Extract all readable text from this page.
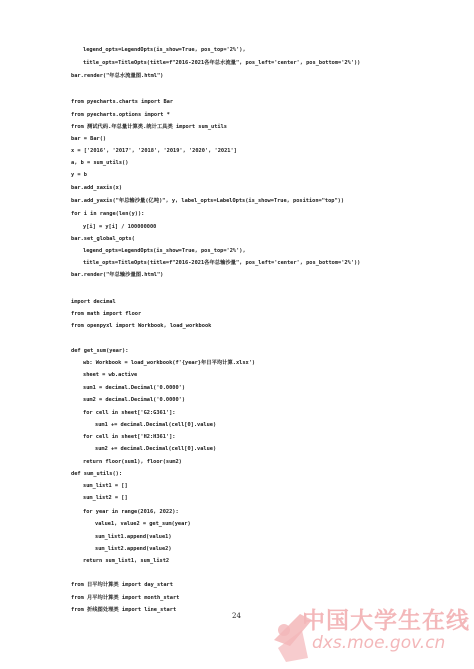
legend_opts=LegendOpts(is_show=True, pos_top='2%'),
title_opts=TitleOpts(title=f"2016-2021各年总水流量", pos_left='center', pos_bottom='2%'))
bar.render("年总水流量图.html")
from pyecharts.charts import Bar
from pyecharts.options import *
from 测试代码.年总量计算类.统计工具类 import sum_utils
bar = Bar()
x = ['2016', '2017', '2018', '2019', '2020', '2021']
a, b = sum_utils()
y = b
bar.add_xaxis(x)
bar.add_yaxis("年总输沙量(亿吨)", y, label_opts=LabelOpts(is_show=True, position="top"))
for i in range(len(y)):
y[i] = y[i] / 100000000
bar.set_global_opts(
legend_opts=LegendOpts(is_show=True, pos_top='2%'),
title_opts=TitleOpts(title=f"2016-2021各年总输沙量", pos_left='center', pos_bottom='2%'))
bar.render("年总输沙量图.html")
import decimal
from math import floor
from openpyxl import Workbook, load_workbook
def get_sum(year):
wb: Workbook = load_workbook(f'{year}年日平均计算.xlsx')
sheet = wb.active
sum1 = decimal.Decimal('0.0000')
sum2 = decimal.Decimal('0.0000')
for cell in sheet['G2:G361']:
sum1 += decimal.Decimal(cell[0].value)
for cell in sheet['H2:H361']:
sum2 += decimal.Decimal(cell[0].value)
return floor(sum1), floor(sum2)
def sum_utils():
sum_list1 = []
sum_list2 = []
for year in range(2016, 2022):
value1, value2 = get_sum(year)
sum_list1.append(value1)
sum_list2.append(value2)
return sum_list1, sum_list2
from 日平均计算类 import day_start
from 月平均计算类 import month_start
from 折线图处理类 import line_start
24	中国大学生在线
dxs.moe.gov.cn
